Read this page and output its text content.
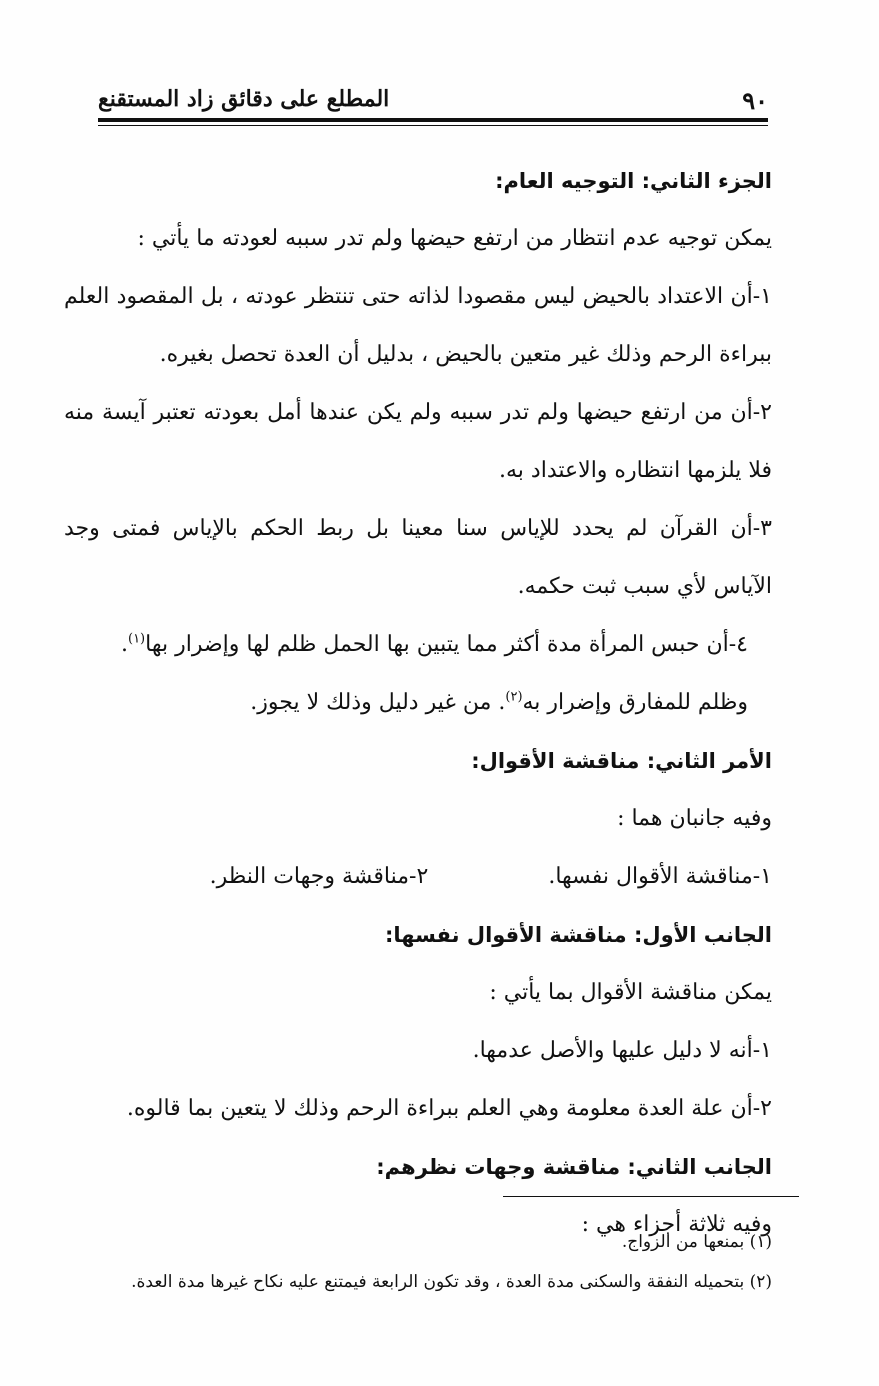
٩٠
المطلع على دقائق زاد المستقنع

الجزء الثاني: التوجيه العام:

يمكن توجيه عدم انتظار من ارتفع حيضها ولم تدر سببه لعودته ما يأتي :

١-أن الاعتداد بالحيض ليس مقصودا لذاته حتى تنتظر عودته ، بل المقصود العلم ببراءة الرحم وذلك غير متعين بالحيض ، بدليل أن العدة تحصل بغيره.

٢-أن من ارتفع حيضها ولم تدر سببه ولم يكن عندها أمل بعودته تعتبر آيسة منه فلا يلزمها انتظاره والاعتداد به.

٣-أن القرآن لم يحدد للإياس سنا معينا بل ربط الحكم بالإياس فمتى وجد الآياس لأي سبب ثبت حكمه.

٤-أن حبس المرأة مدة أكثر مما يتبين بها الحمل ظلم لها وإضرار بها$^{(١)}$.

وظلم للمفارق وإضرار به$^{(٢)}$. من غير دليل وذلك لا يجوز.

الأمر الثاني: مناقشة الأقوال:

وفيه جانبان هما :

١-مناقشة الأقوال نفسها.
٢-مناقشة وجهات النظر.

الجانب الأول: مناقشة الأقوال نفسها:

يمكن مناقشة الأقوال بما يأتي :

١-أنه لا دليل عليها والأصل عدمها.

٢-أن علة العدة معلومة وهي العلم ببراءة الرحم وذلك لا يتعين بما قالوه.

الجانب الثاني: مناقشة وجهات نظرهم:

وفيه ثلاثة أجزاء هي :

(١) بمنعها من الزواج.

(٢) بتحميله النفقة والسكنى مدة العدة ، وقد تكون الرابعة فيمتنع عليه نكاح غيرها مدة العدة.
